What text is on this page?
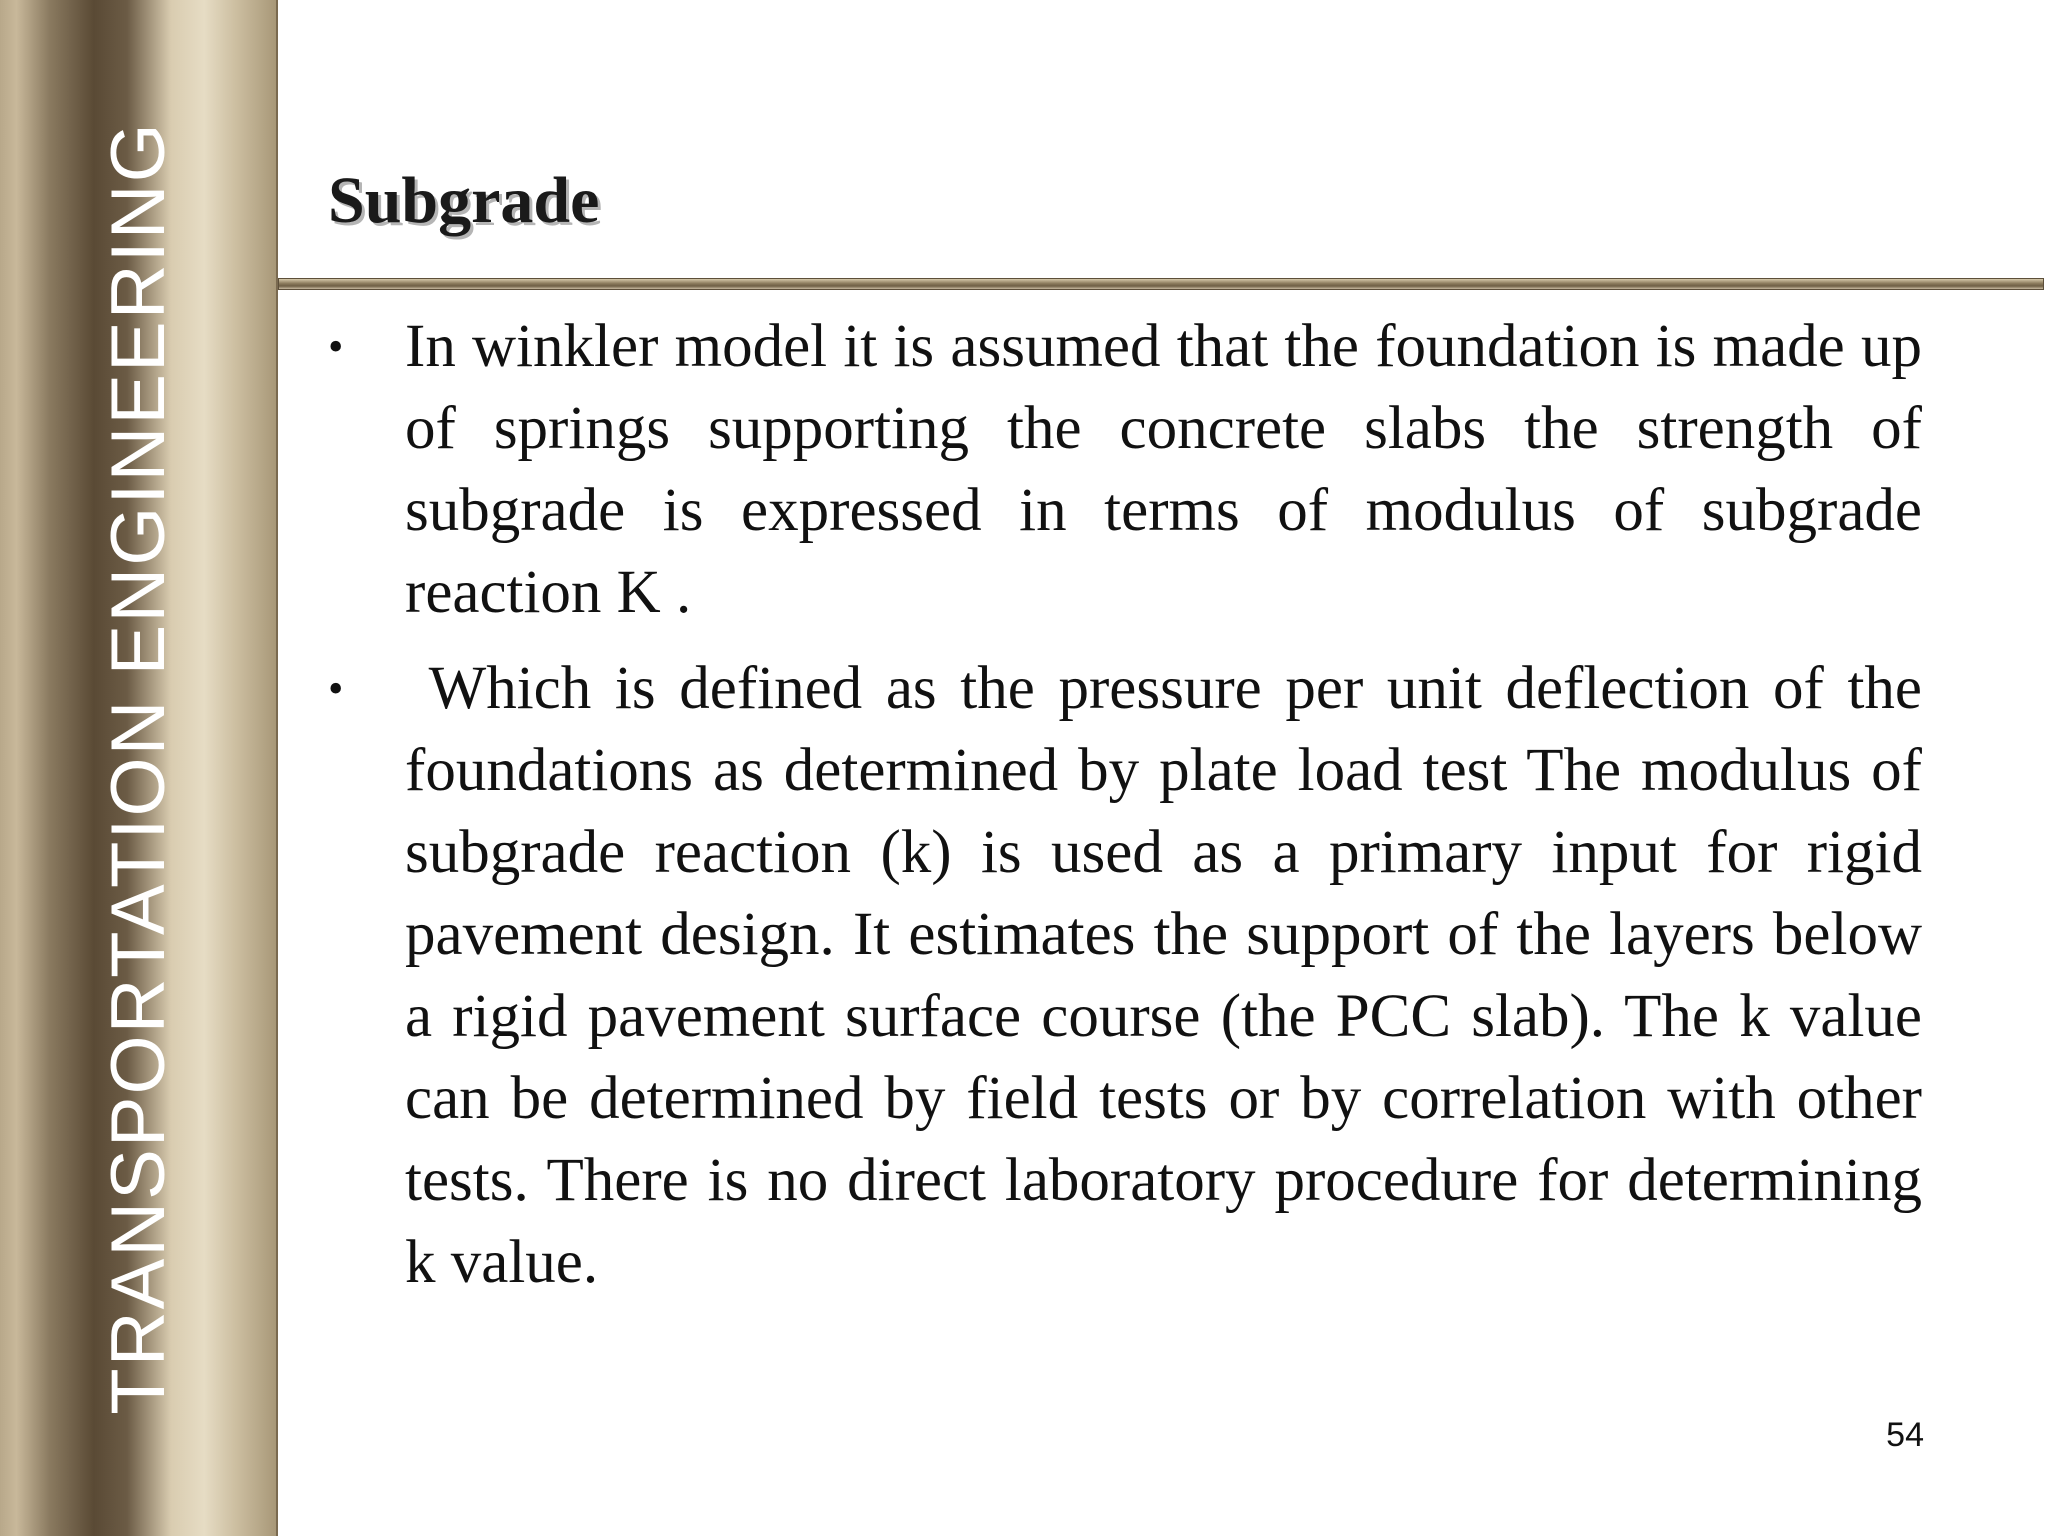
TRANSPORTATION ENGINEERING Subgrade
• In winkler model it is assumed that the foundation is made up of springs supporting the concrete slabs the strength of subgrade is expressed in terms of modulus of subgrade reaction K .
• Which is defined as the pressure per unit deflection of the foundations as determined by plate load test The modulus of subgrade reaction (k) is used as a primary input for rigid pavement design. It estimates the support of the layers below a rigid pavement surface course (the PCC slab). The k value can be determined by field tests or by correlation with other tests. There is no direct laboratory procedure for determining k value.
54
